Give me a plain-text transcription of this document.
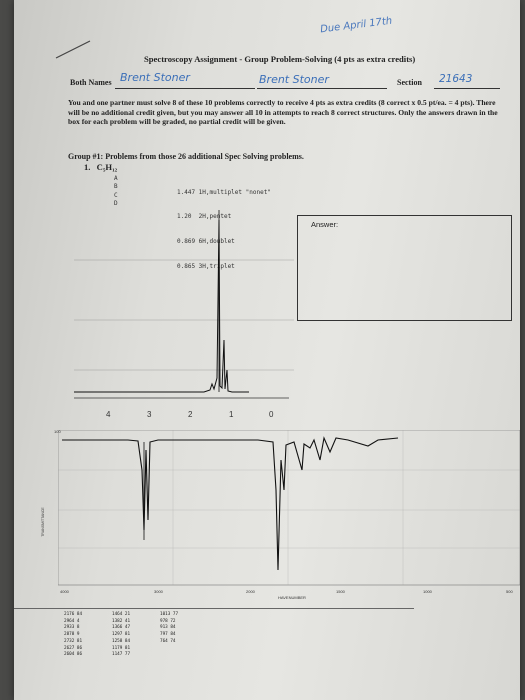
Due April 17th
Spectroscopy Assignment - Group Problem-Solving (4 pts as extra credits)
Both Names Brent Stoner	Brent Stoner	Section 21643
You and one partner must solve 8 of these 10 problems correctly to receive 4 pts as extra credits (8 correct x 0.5 pt/ea. = 4 pts). There will be no additional credit given, but you may answer all 10 in attempts to reach 8 correct structures. Only the answers drawn in the box for each problem will be graded, no partial credit will be given.
Group #1: Problems from those 26 additional Spec Solving problems.
1. C₅H₁₂
A
B
C
D

1.447 1H,multiplet "nonet"

1.20  2H,pentet

0.869 6H,doublet

0.865 3H,triplet

Answer:
4	3	2	1	0
100
TRANSMITTANCE
4000	3000	2000	1500	1000	500
HAVENUMBER
2176 84	1464 21	1013 77
2964 4	1382 41	978 72
2933 8	1366 47	913 84
2878 9	1297 81	797 84
2732 81	1258 84	764 74
2627 86	1179 81
2604 86	1147 77
